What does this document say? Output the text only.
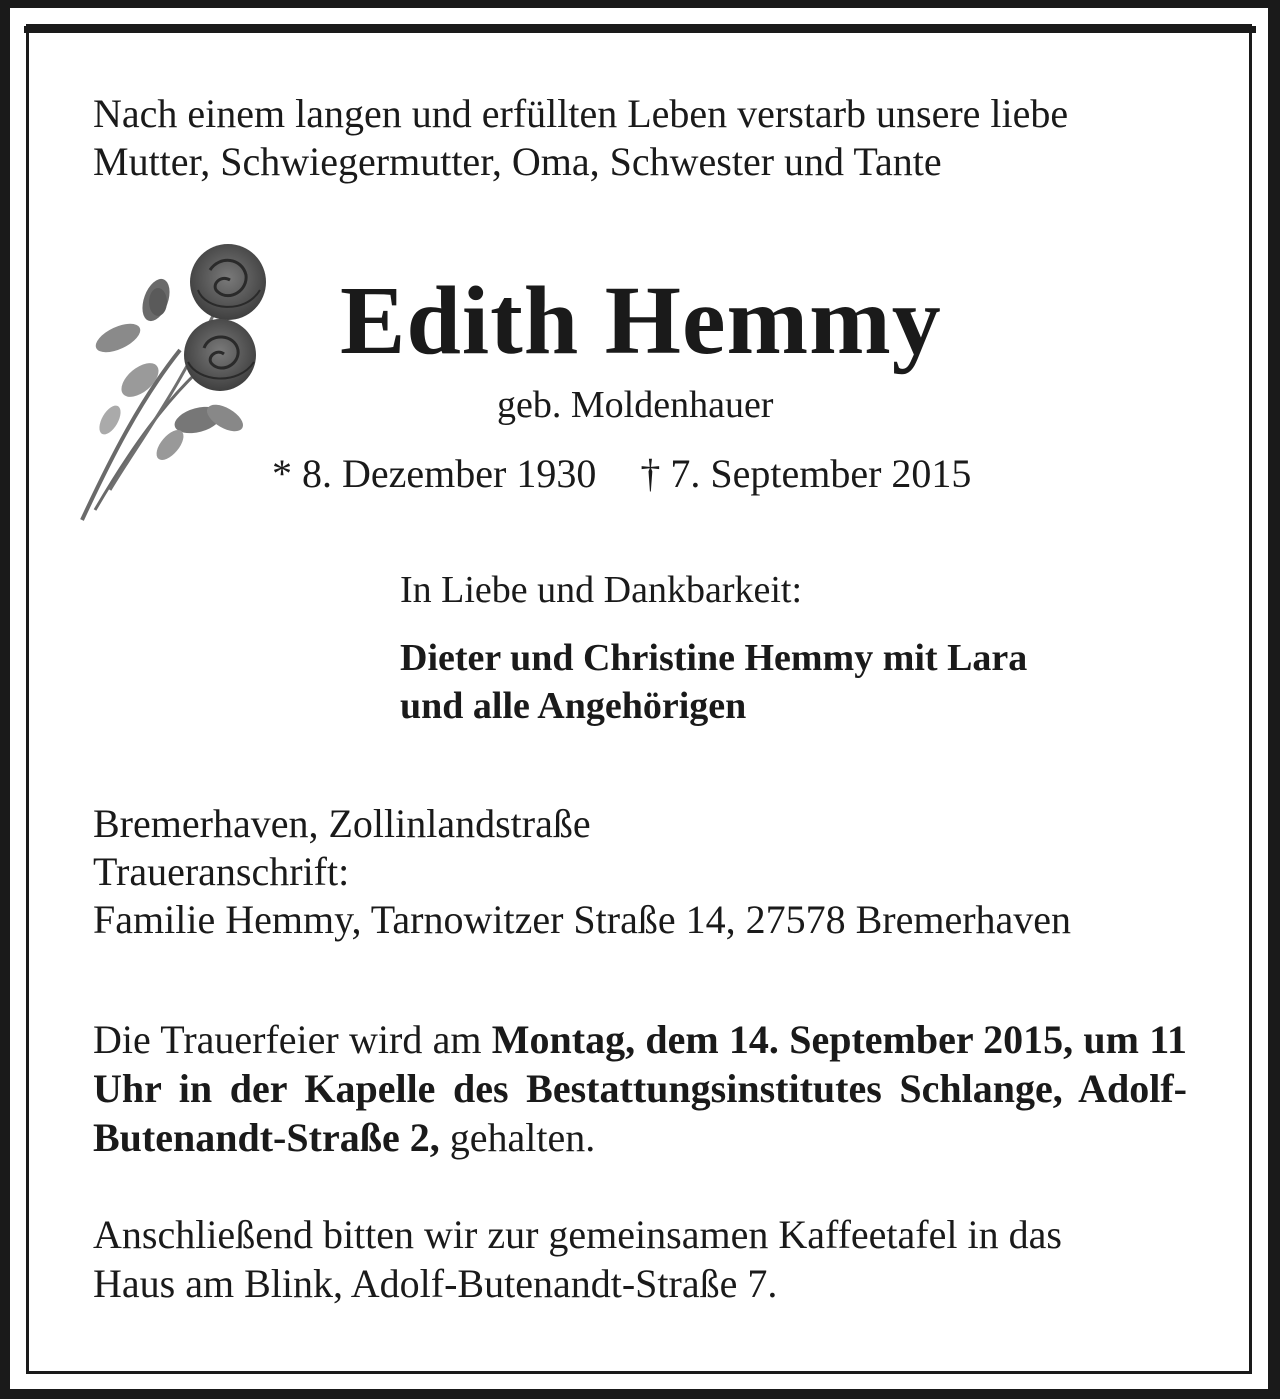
Nach einem langen und erfüllten Leben verstarb unsere liebe
Mutter, Schwiegermutter, Oma, Schwester und Tante
Edith Hemmy
geb. Moldenhauer
* 8. Dezember 1930 † 7. September 2015
In Liebe und Dankbarkeit:
Dieter und Christine Hemmy mit Lara
und alle Angehörigen
Bremerhaven, Zollinlandstraße
Traueranschrift:
Familie Hemmy, Tarnowitzer Straße 14, 27578 Bremerhaven
Die Trauerfeier wird am Montag, dem 14. September 2015, um 11 Uhr in der Kapelle des Bestattungsinstitutes Schlange, Adolf-Butenandt-Straße 2, gehalten.
Anschließend bitten wir zur gemeinsamen Kaffeetafel in das
Haus am Blink, Adolf-Butenandt-Straße 7.
